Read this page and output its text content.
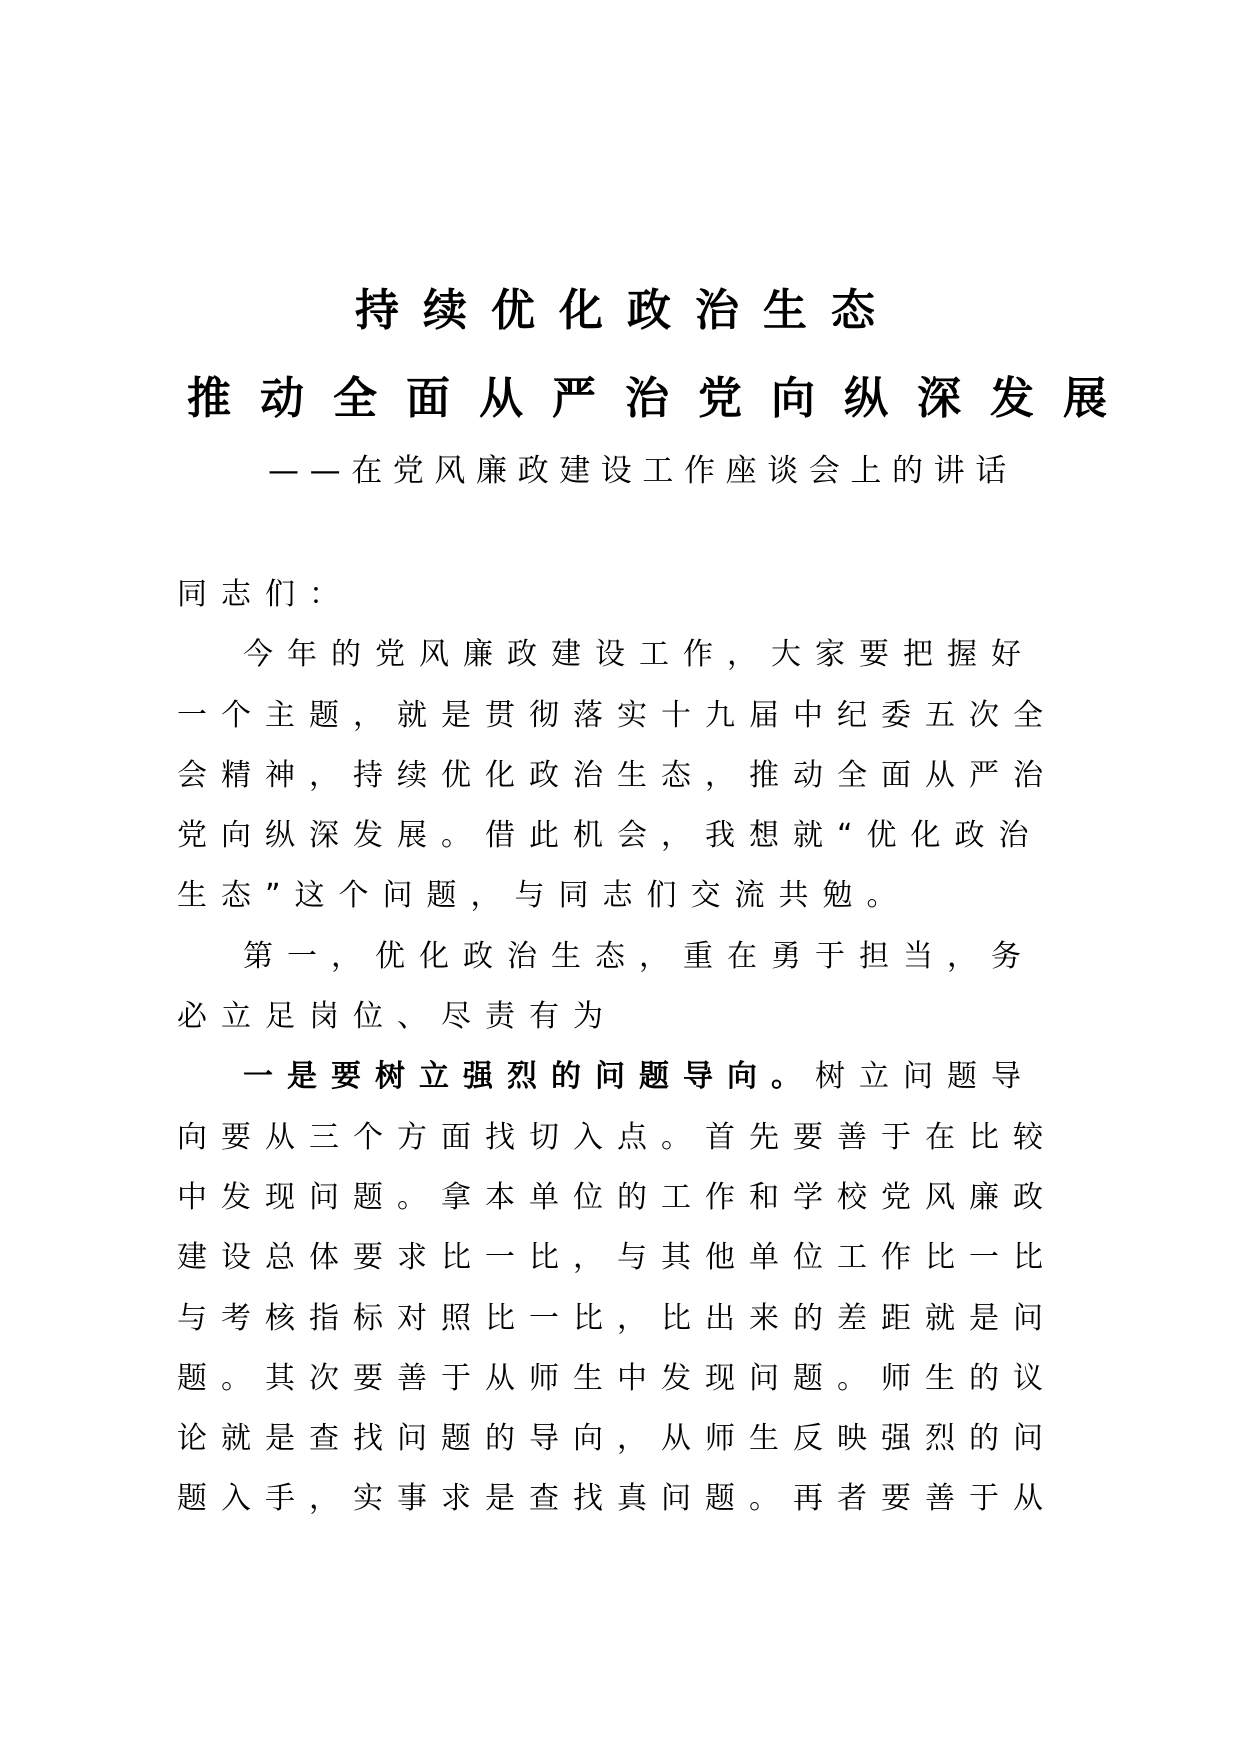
持续优化政治生态
推动全面从严治党向纵深发展
——在党风廉政建设工作座谈会上的讲话
同志们：
今年的党风廉政建设工作，大家要把握好
一个主题，就是贯彻落实十九届中纪委五次全
会精神，持续优化政治生态，推动全面从严治
党向纵深发展。借此机会，我想就“优化政治
生态”这个问题，与同志们交流共勉。
第一，优化政治生态，重在勇于担当，务
必立足岗位、尽责有为
一是要树立强烈的问题导向。树立问题导
向要从三个方面找切入点。首先要善于在比较
中发现问题。拿本单位的工作和学校党风廉政
建设总体要求比一比，与其他单位工作比一比
与考核指标对照比一比，比出来的差距就是问
题。其次要善于从师生中发现问题。师生的议
论就是查找问题的导向，从师生反映强烈的问
题入手，实事求是查找真问题。再者要善于从
